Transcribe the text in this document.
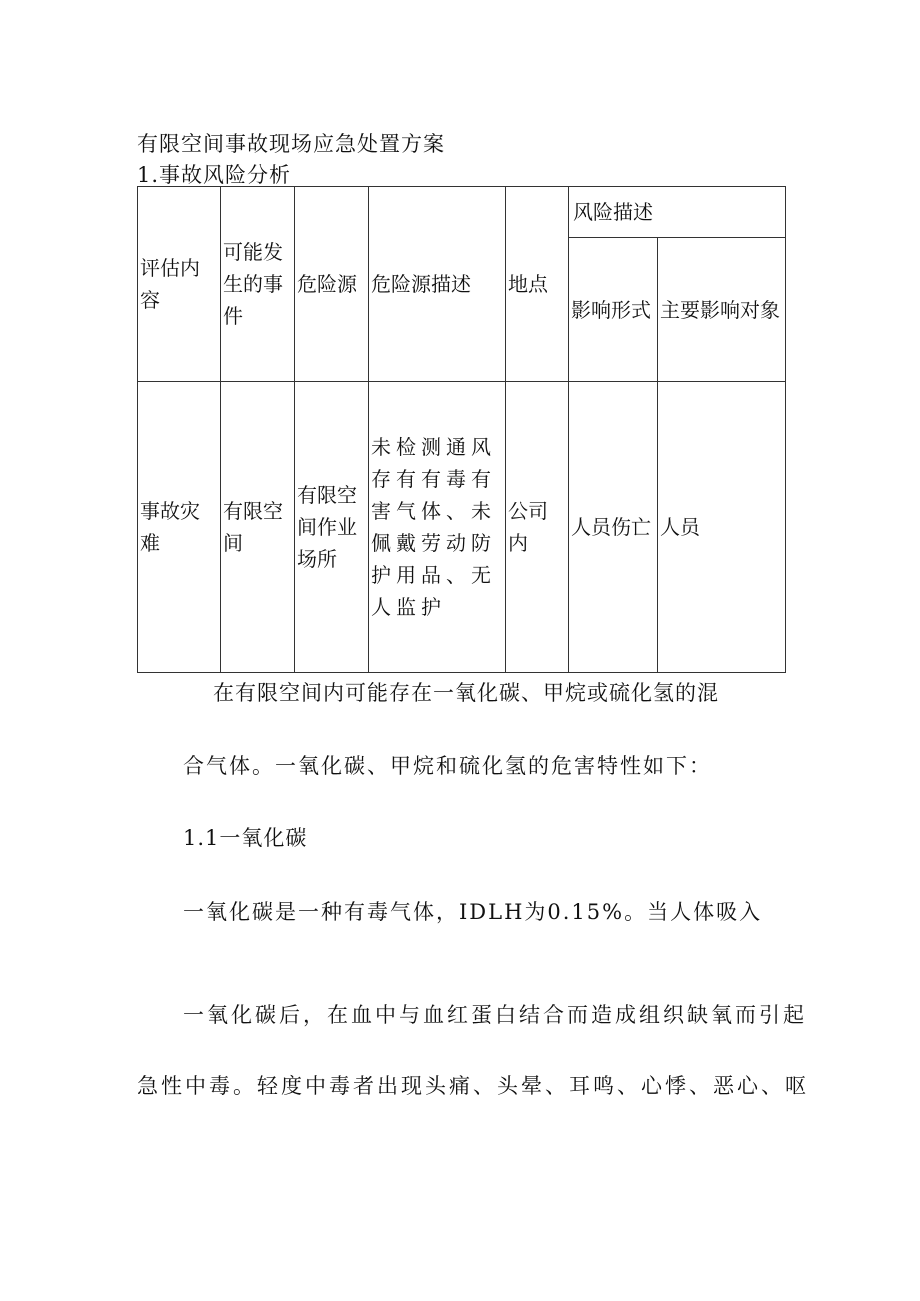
有限空间事故现场应急处置方案
1.事故风险分析
评估内容	可能发生的事件	危险源	危险源描述	地点	风险描述	
					影响形式	主要影响对象
事故灾难	有限空间	有限空间作业场所	未检测通风存有有毒有害气体、未佩戴劳动防护用品、无人监护	公司内	人员伤亡	人员
在有限空间内可能存在一氧化碳、甲烷或硫化氢的混
合气体。一氧化碳、甲烷和硫化氢的危害特性如下：
1.1一氧化碳
一氧化碳是一种有毒气体，IDLH为0.15%。当人体吸入
一氧化碳后，在血中与血红蛋白结合而造成组织缺氧而引起
急性中毒。轻度中毒者出现头痛、头晕、耳鸣、心悸、恶心、呕
